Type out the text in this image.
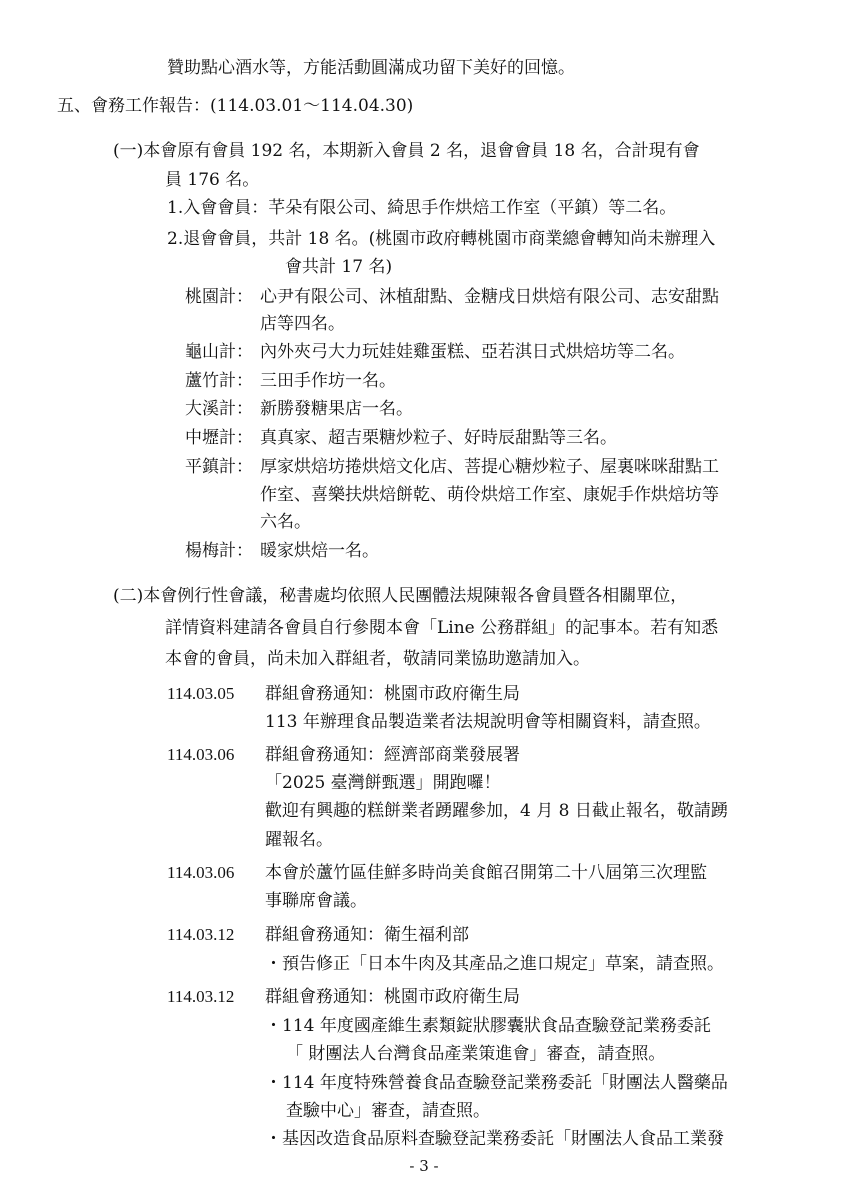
贊助點心酒水等，方能活動圓滿成功留下美好的回憶。
五、會務工作報告：(114.03.01～114.04.30)
(一)本會原有會員 192 名，本期新入會員 2 名，退會會員 18 名，合計現有會
員 176 名。
1.入會會員：芊朵有限公司、綺思手作烘焙工作室（平鎮）等二名。
2.退會會員，共計 18 名。(桃園市政府轉桃園市商業總會轉知尚未辦理入
會共計 17 名)
桃園計： 心尹有限公司、沐植甜點、金糖戌日烘焙有限公司、志安甜點
店等四名。
龜山計： 內外夾弓大力玩娃娃雞蛋糕、亞若淇日式烘焙坊等二名。
蘆竹計： 三田手作坊一名。
大溪計： 新勝發糖果店一名。
中壢計： 真真家、超吉栗糖炒粒子、好時辰甜點等三名。
平鎮計： 厚家烘焙坊捲烘焙文化店、菩提心糖炒粒子、屋裏咪咪甜點工
作室、喜樂扶烘焙餅乾、萌伶烘焙工作室、康妮手作烘焙坊等
六名。
楊梅計： 暖家烘焙一名。
(二)本會例行性會議，秘書處均依照人民團體法規陳報各會員暨各相關單位，
詳情資料建請各會員自行參閱本會「Line 公務群組」的記事本。若有知悉
本會的會員，尚未加入群組者，敬請同業協助邀請加入。
114.03.05 群組會務通知：桃園市政府衛生局
113 年辦理食品製造業者法規說明會等相關資料，請查照。
114.03.06 群組會務通知：經濟部商業發展署
「2025 臺灣餅甄選」開跑囉！
歡迎有興趣的糕餅業者踴躍參加，4 月 8 日截止報名，敬請踴
躍報名。
114.03.06 本會於蘆竹區佳鮮多時尚美食館召開第二十八屆第三次理監
事聯席會議。
114.03.12 群組會務通知：衛生福利部
・預告修正「日本牛肉及其產品之進口規定」草案，請查照。
114.03.12 群組會務通知：桃園市政府衛生局
・114 年度國產維生素類錠狀膠囊狀食品查驗登記業務委託
「 財團法人台灣食品產業策進會」審查，請查照。
・114 年度特殊營養食品查驗登記業務委託「財團法人醫藥品
查驗中心」審查，請查照。
・基因改造食品原料查驗登記業務委託「財團法人食品工業發
- 3 -
